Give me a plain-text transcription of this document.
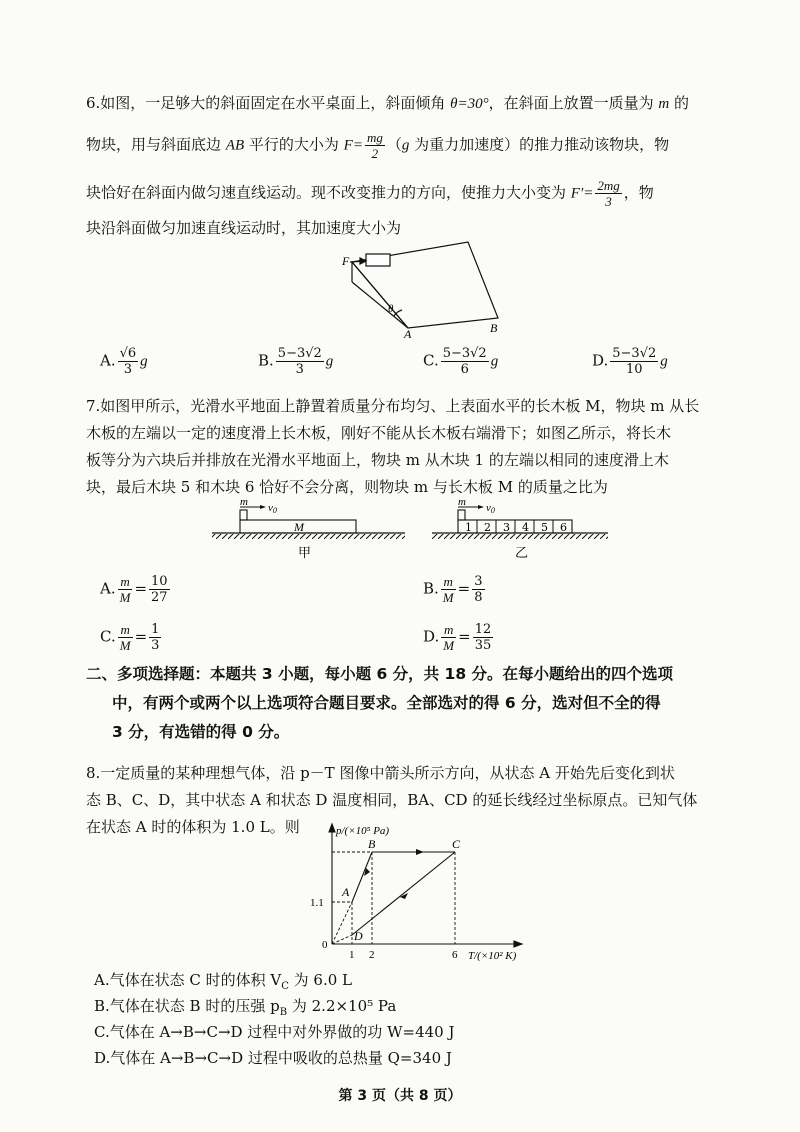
6.如图，一足够大的斜面固定在水平桌面上，斜面倾角 θ=30°，在斜面上放置一质量为 m 的
物块，用与斜面底边 AB 平行的大小为 $F= \frac{mg}{2} (g$ 为重力加速度）的推力推动该物块，物
块恰好在斜面内做匀速直线运动。现不改变推力的方向，使推力大小变为 $F'= \frac{2mg}{3}$ ，物
块沿斜面做匀加速直线运动时，其加速度大小为
F
θ
A	B
A. $\frac{√6}{3}$ g	B. $\frac{5-3√2}{3}$ g	C. $\frac{5-3√2}{6}$ g	D. $\frac{5-3√2}{10}$ g
7.如图甲所示，光滑水平地面上静置着质量分布均匀、上表面水平的长木板 M，物块 m 从长
木板的左端以一定的速度滑上长木板，刚好不能从长木板右端滑下；如图乙所示，将长木
板等分为六块后并排放在光滑水平地面上，物块 m 从木块 1 的左端以相同的速度滑上木
块，最后木块 5 和木块 6 恰好不会分离，则物块 m 与长木板 M 的质量之比为
m v0
M
甲
1 2 3 4 5 6
m v0
乙
A. $\frac{m}{M} = \frac{10}{27}$	B. $\frac{m}{M} = \frac{3}{8}$
C. $\frac{m}{M} = \frac{1}{3}$	D. $\frac{m}{M} = \frac{12}{35}$
二、多项选择题：本题共 3 小题，每小题 6 分，共 18 分。在每小题给出的四个选项
中，有两个或两个以上选项符合题目要求。全部选对的得 6 分，选对但不全的得
3 分，有选错的得 0 分。
8.一定质量的某种理想气体，沿 p－T 图像中箭头所示方向，从状态 A 开始先后变化到状
态 B、C、D，其中状态 A 和状态 D 温度相同，BA、CD 的延长线经过坐标原点。已知气体
在状态 A 时的体积为 1.0 L。则	p/(×10⁵ Pa)
T/(×10² K)
1.1
0
1 2	6
A
B	C
D
A.气体在状态 C 时的体积 $V_C$ 为 6.0 L
B.气体在状态 B 时的压强 $p_B$ 为 2.2×10⁵ Pa
C.气体在 A→B→C→D 过程中对外界做的功 W=440 J
D.气体在 A→B→C→D 过程中吸收的总热量 Q=340 J
第 3 页（共 8 页）
